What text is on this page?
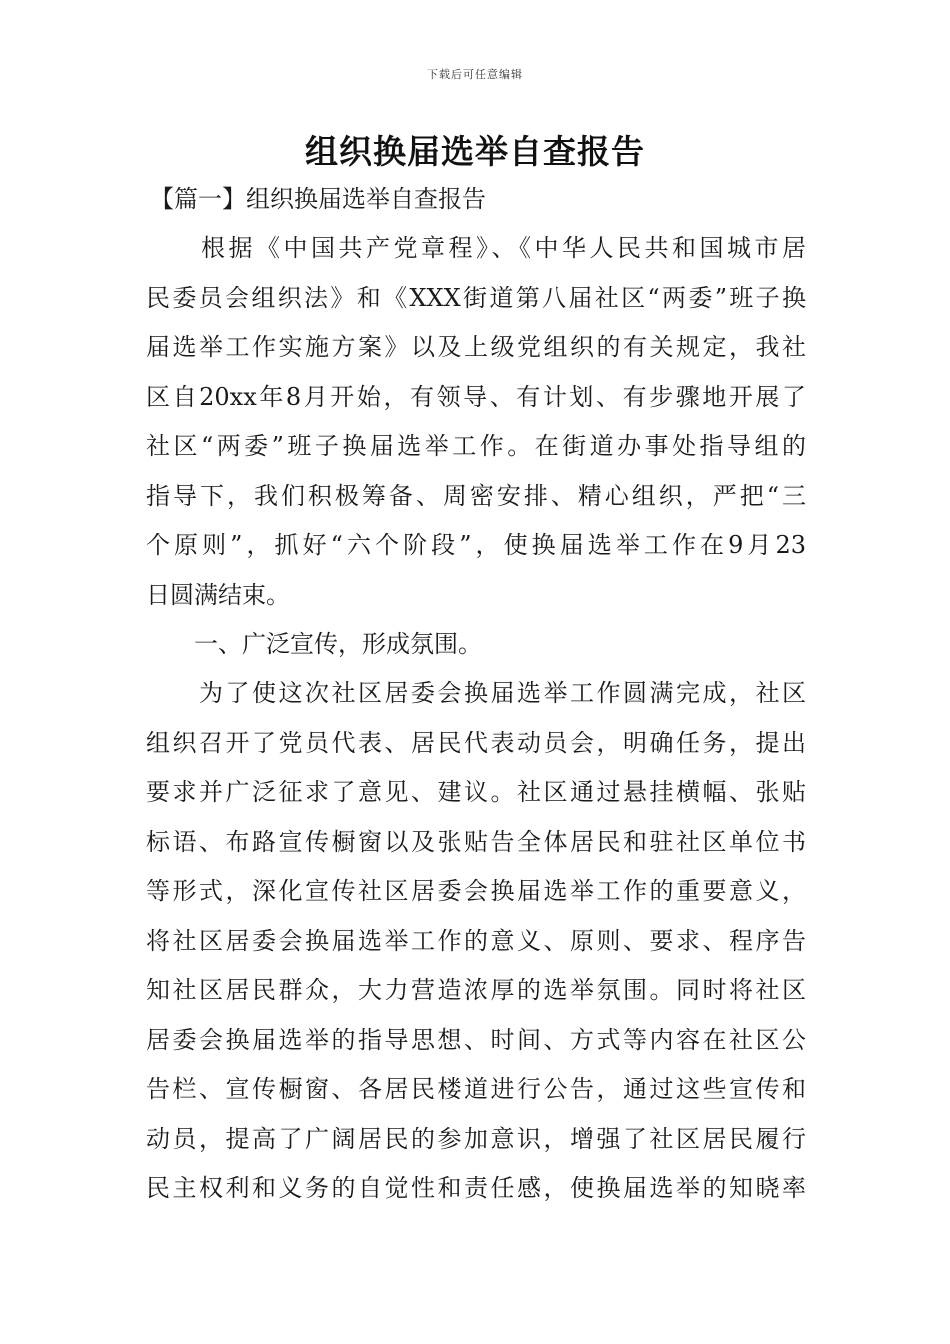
下载后可任意编辑
组织换届选举自查报告
【篇一】组织换届选举自查报告
　　根据《中国共产党章程》、《中华人民共和国城市居
民委员会组织法》和《XXX街道第八届社区“两委”班子换
届选举工作实施方案》以及上级党组织的有关规定，我社
区自20xx年8月开始，有领导、有计划、有步骤地开展了
社区“两委”班子换届选举工作。在街道办事处指导组的
指导下，我们积极筹备、周密安排、精心组织，严把“三
个原则”，抓好“六个阶段”，使换届选举工作在9月23
日圆满结束。
　　一、广泛宣传，形成氛围。
　　为了使这次社区居委会换届选举工作圆满完成，社区
组织召开了党员代表、居民代表动员会，明确任务，提出
要求并广泛征求了意见、建议。社区通过悬挂横幅、张贴
标语、布路宣传橱窗以及张贴告全体居民和驻社区单位书
等形式，深化宣传社区居委会换届选举工作的重要意义，
将社区居委会换届选举工作的意义、原则、要求、程序告
知社区居民群众，大力营造浓厚的选举氛围。同时将社区
居委会换届选举的指导思想、时间、方式等内容在社区公
告栏、宣传橱窗、各居民楼道进行公告，通过这些宣传和
动员，提高了广阔居民的参加意识，增强了社区居民履行
民主权利和义务的自觉性和责任感，使换届选举的知晓率
